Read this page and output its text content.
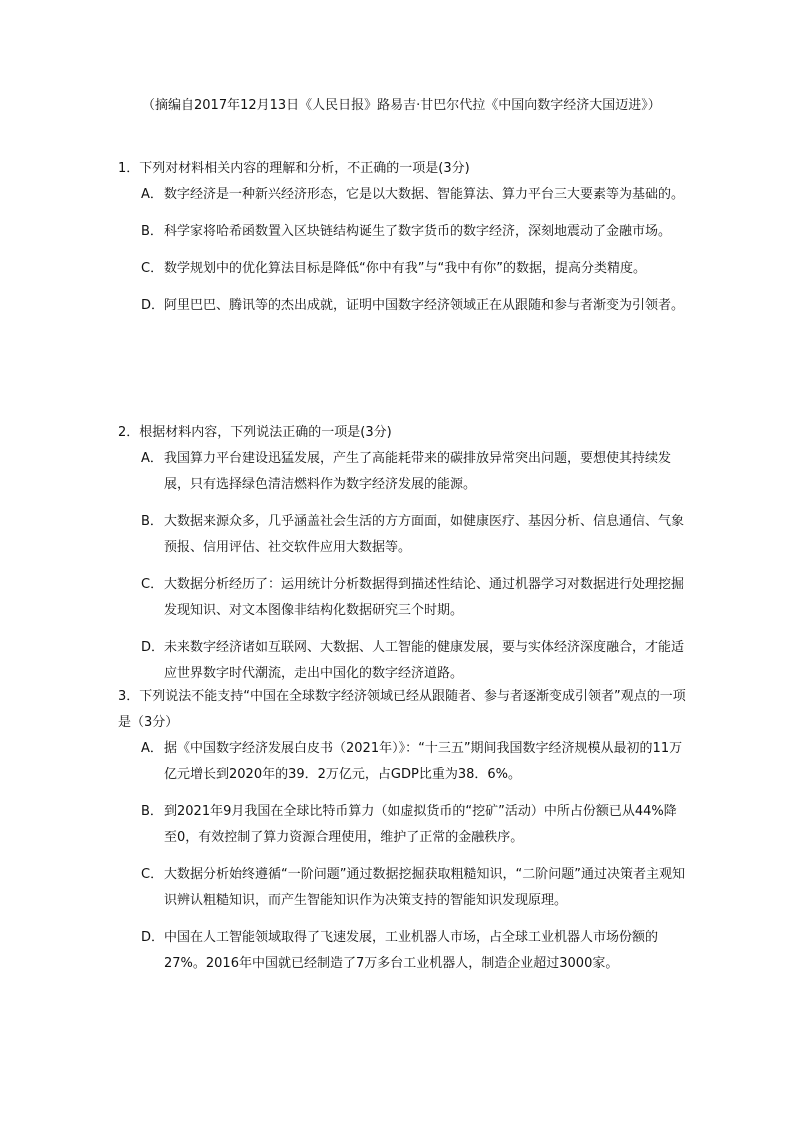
（摘编自2017年12月13日《人民日报》路易吉·甘巴尔代拉《中国向数字经济大国迈进》）

1．下列对材料相关内容的理解和分析，不正确的一项是(3分)

A． 数字经济是一种新兴经济形态，它是以大数据、智能算法、算力平台三大要素等为基础的。
B． 科学家将哈希函数置入区块链结构诞生了数字货币的数字经济，深刻地震动了金融市场。
C． 数学规划中的优化算法目标是降低“你中有我”与“我中有你”的数据，提高分类精度。
D． 阿里巴巴、腾讯等的杰出成就，证明中国数字经济领域正在从跟随和参与者渐变为引领者。

2．根据材料内容，下列说法正确的一项是(3分)

A． 我国算力平台建设迅猛发展，产生了高能耗带来的碳排放异常突出问题，要想使其持续发展，只有选择绿色清洁燃料作为数字经济发展的能源。
B． 大数据来源众多，几乎涵盖社会生活的方方面面，如健康医疗、基因分析、信息通信、气象预报、信用评估、社交软件应用大数据等。
C． 大数据分析经历了：运用统计分析数据得到描述性结论、通过机器学习对数据进行处理挖掘发现知识、对文本图像非结构化数据研究三个时期。
D． 未来数字经济诸如互联网、大数据、人工智能的健康发展，要与实体经济深度融合，才能适应世界数字时代潮流，走出中国化的数字经济道路。

3．下列说法不能支持“中国在全球数字经济领域已经从跟随者、参与者逐渐变成引领者”观点的一项是（3分）

A． 据《中国数字经济发展白皮书（2021年）》：“十三五”期间我国数字经济规模从最初的11万亿元增长到2020年的39．2万亿元，占GDP比重为38．6%。
B． 到2021年9月我国在全球比特币算力（如虚拟货币的“挖矿”活动）中所占份额已从44%降至0，有效控制了算力资源合理使用，维护了正常的金融秩序。
C． 大数据分析始终遵循“一阶问题”通过数据挖掘获取粗糙知识，“二阶问题”通过决策者主观知识辨认粗糙知识，而产生智能知识作为决策支持的智能知识发现原理。
D． 中国在人工智能领域取得了飞速发展，工业机器人市场，占全球工业机器人市场份额的27%。2016年中国就已经制造了7万多台工业机器人，制造企业超过3000家。
